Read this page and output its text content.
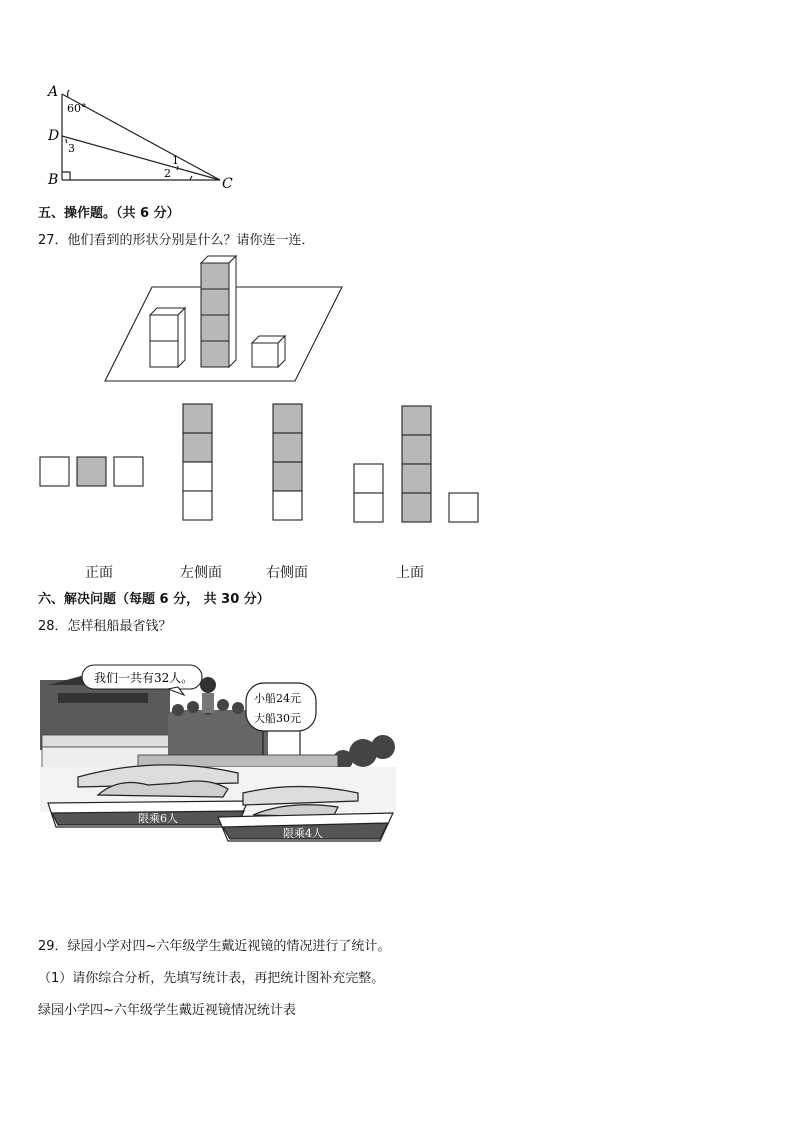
A
60°
D
3
1
2
B	C
五、操作题。（共 6 分）
27．他们看到的形状分别是什么？请你连一连．
正面	左侧面	右侧面	上面
六、解决问题（每题 6 分， 共 30 分）
28．怎样租船最省钱？
我们一共有32人。
小船24元
大船30元
限乘6人
限乘4人
29．绿园小学对四~六年级学生戴近视镜的情况进行了统计。
（1）请你综合分析，先填写统计表，再把统计图补充完整。
绿园小学四~六年级学生戴近视镜情况统计表
